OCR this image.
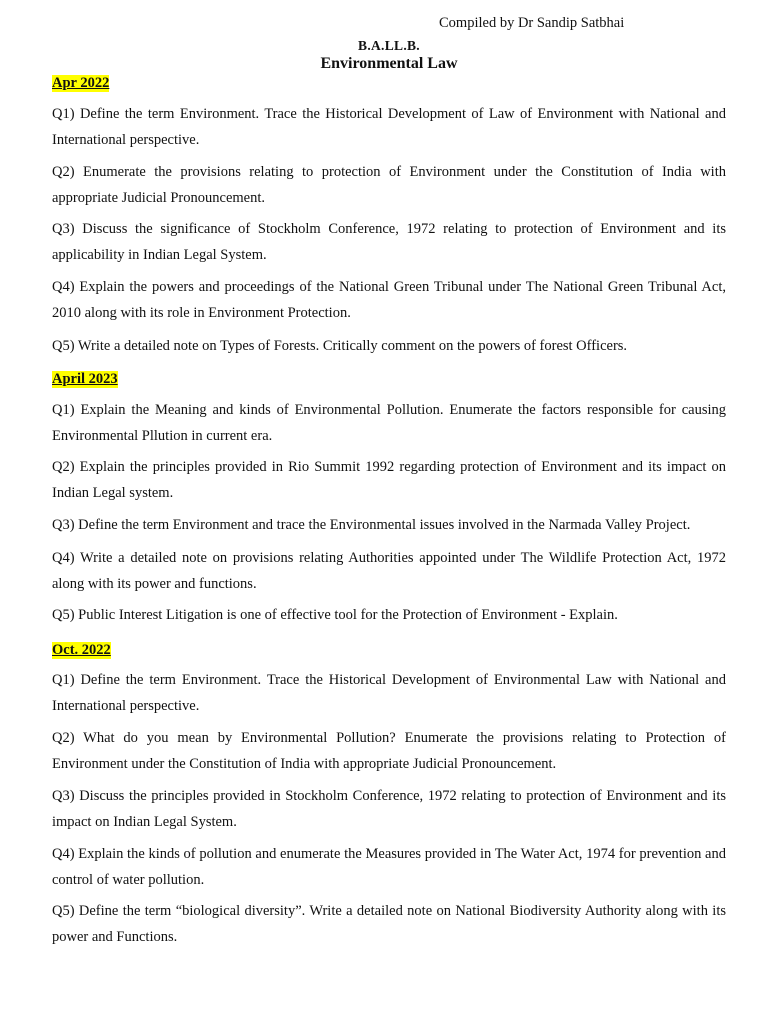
Compiled by Dr Sandip Satbhai
B.A.LL.B.
Environmental Law
Apr 2022
Q1) Define the term Environment. Trace the Historical Development of Law of Environment with National and International perspective.
Q2) Enumerate the provisions relating to protection of Environment under the Constitution of India with appropriate Judicial Pronouncement.
Q3) Discuss the significance of Stockholm Conference, 1972 relating to protection of Environment and its applicability in Indian Legal System.
Q4) Explain the powers and proceedings of the National Green Tribunal under The National Green Tribunal Act, 2010 along with its role in Environment Protection.
Q5) Write a detailed note on Types of Forests. Critically comment on the powers of forest Officers.
April 2023
Q1) Explain the Meaning and kinds of Environmental Pollution. Enumerate the factors responsible for causing Environmental Pllution in current era.
Q2) Explain the principles provided in Rio Summit 1992 regarding protection of Environment and its impact on Indian Legal system.
Q3) Define the term Environment and trace the Environmental issues involved in the Narmada Valley Project.
Q4) Write a detailed note on provisions relating Authorities appointed under The Wildlife Protection Act, 1972 along with its power and functions.
Q5) Public Interest Litigation is one of effective tool for the Protection of Environment - Explain.
Oct. 2022
Q1) Define the term Environment. Trace the Historical Development of Environmental Law with National and International perspective.
Q2) What do you mean by Environmental Pollution? Enumerate the provisions relating to Protection of Environment under the Constitution of India with appropriate Judicial Pronouncement.
Q3) Discuss the principles provided in Stockholm Conference, 1972 relating to protection of Environment and its impact on Indian Legal System.
Q4) Explain the kinds of pollution and enumerate the Measures provided in The Water Act, 1974 for prevention and control of water pollution.
Q5) Define the term “biological diversity”. Write a detailed note on National Biodiversity Authority along with its power and Functions.
